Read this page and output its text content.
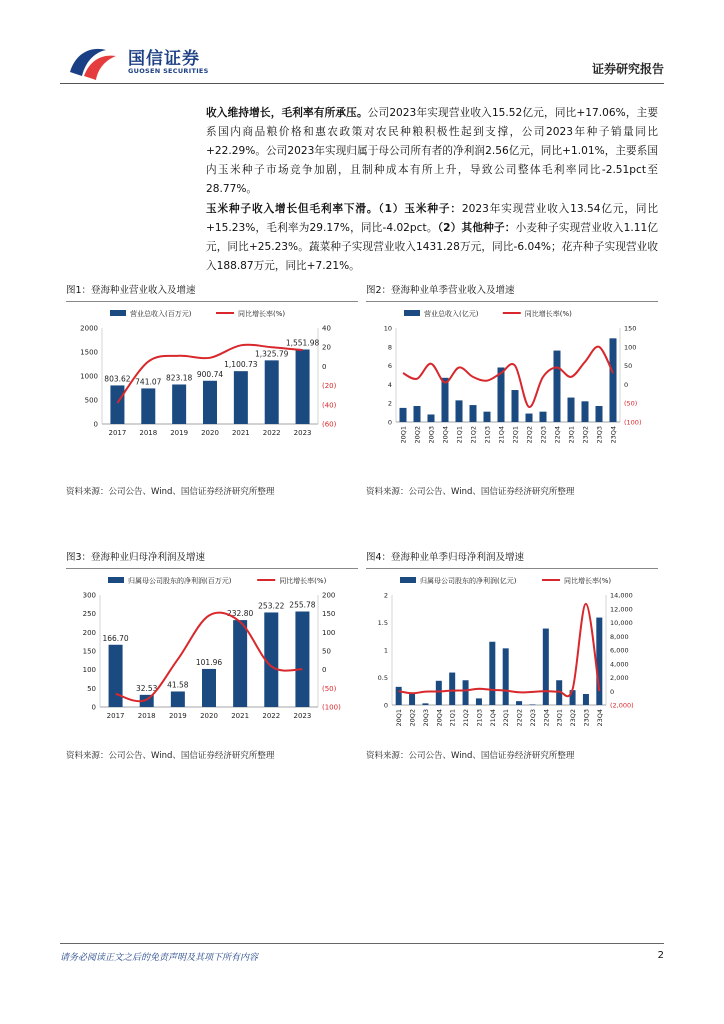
国信证券
GUOSEN SECURITIES	证券研究报告
收入维持增长，毛利率有所承压。公司2023年实现营业收入15.52亿元，同比+17.06%，主要系国内商品粮价格和惠农政策对农民种粮积极性起到支撑，公司2023年种子销量同比+22.29%。公司2023年实现归属于母公司所有者的净利润2.56亿元，同比+1.01%，主要系国内玉米种子市场竞争加剧，且制种成本有所上升，导致公司整体毛利率同比-2.51pct至28.77%。
玉米种子收入增长但毛利率下滑。（1）玉米种子：2023年实现营业收入13.54亿元，同比+15.23%，毛利率为29.17%，同比-4.02pct。（2）其他种子：小麦种子实现营业收入1.11亿元，同比+25.23%。蔬菜种子实现营业收入1431.28万元，同比-6.04%；花卉种子实现营业收入188.87万元，同比+7.21%。
图1：登海种业营业收入及增速
营业总收入(百万元)	同比增长率(%)
0
500
1000
1500
2000
(60)
(40)
(20)
0
20
40
2017
803.62
2018
741.07
2019
823.18
2020
900.74
2021
1,100.73
2022
1,325.79
2023
1,551.98
资料来源：公司公告、Wind、国信证券经济研究所整理
图2：登海种业单季营业收入及增速
营业总收入(亿元)	同比增长率(%)
0
2
4
6
8
10
(100)
(50)
0
50
100
150
20Q1 20Q2 20Q3 20Q4 21Q1 21Q2 21Q3 21Q4 22Q1 22Q2 22Q3 22Q4 23Q1 23Q2 23Q3 23Q4
资料来源：公司公告、Wind、国信证券经济研究所整理
图3：登海种业归母净利润及增速
归属母公司股东的净利润(百万元)	同比增长率(%)
0
50
100
150
200
250
300
(100)
(50)
0
50
100
150
200
2017
166.70
2018
32.53
2019
41.58
2020
101.96
2021
232.80
2022
253.22
2023
255.78
资料来源：公司公告、Wind、国信证券经济研究所整理
图4：登海种业单季归母净利润及增速
归属母公司股东的净利润(亿元)	同比增长率(%)
0
0.5
1
1.5
2
(2,000)
0
2,000
4,000
6,000
8,000
10,000
12,000
14,000
20Q1 20Q2 20Q3 20Q4 21Q1 21Q2 21Q3 21Q4 22Q1 22Q2 22Q3 22Q4 23Q1 23Q2 23Q3 23Q4
资料来源：公司公告、Wind、国信证券经济研究所整理
请务必阅读正文之后的免责声明及其项下所有内容	2
